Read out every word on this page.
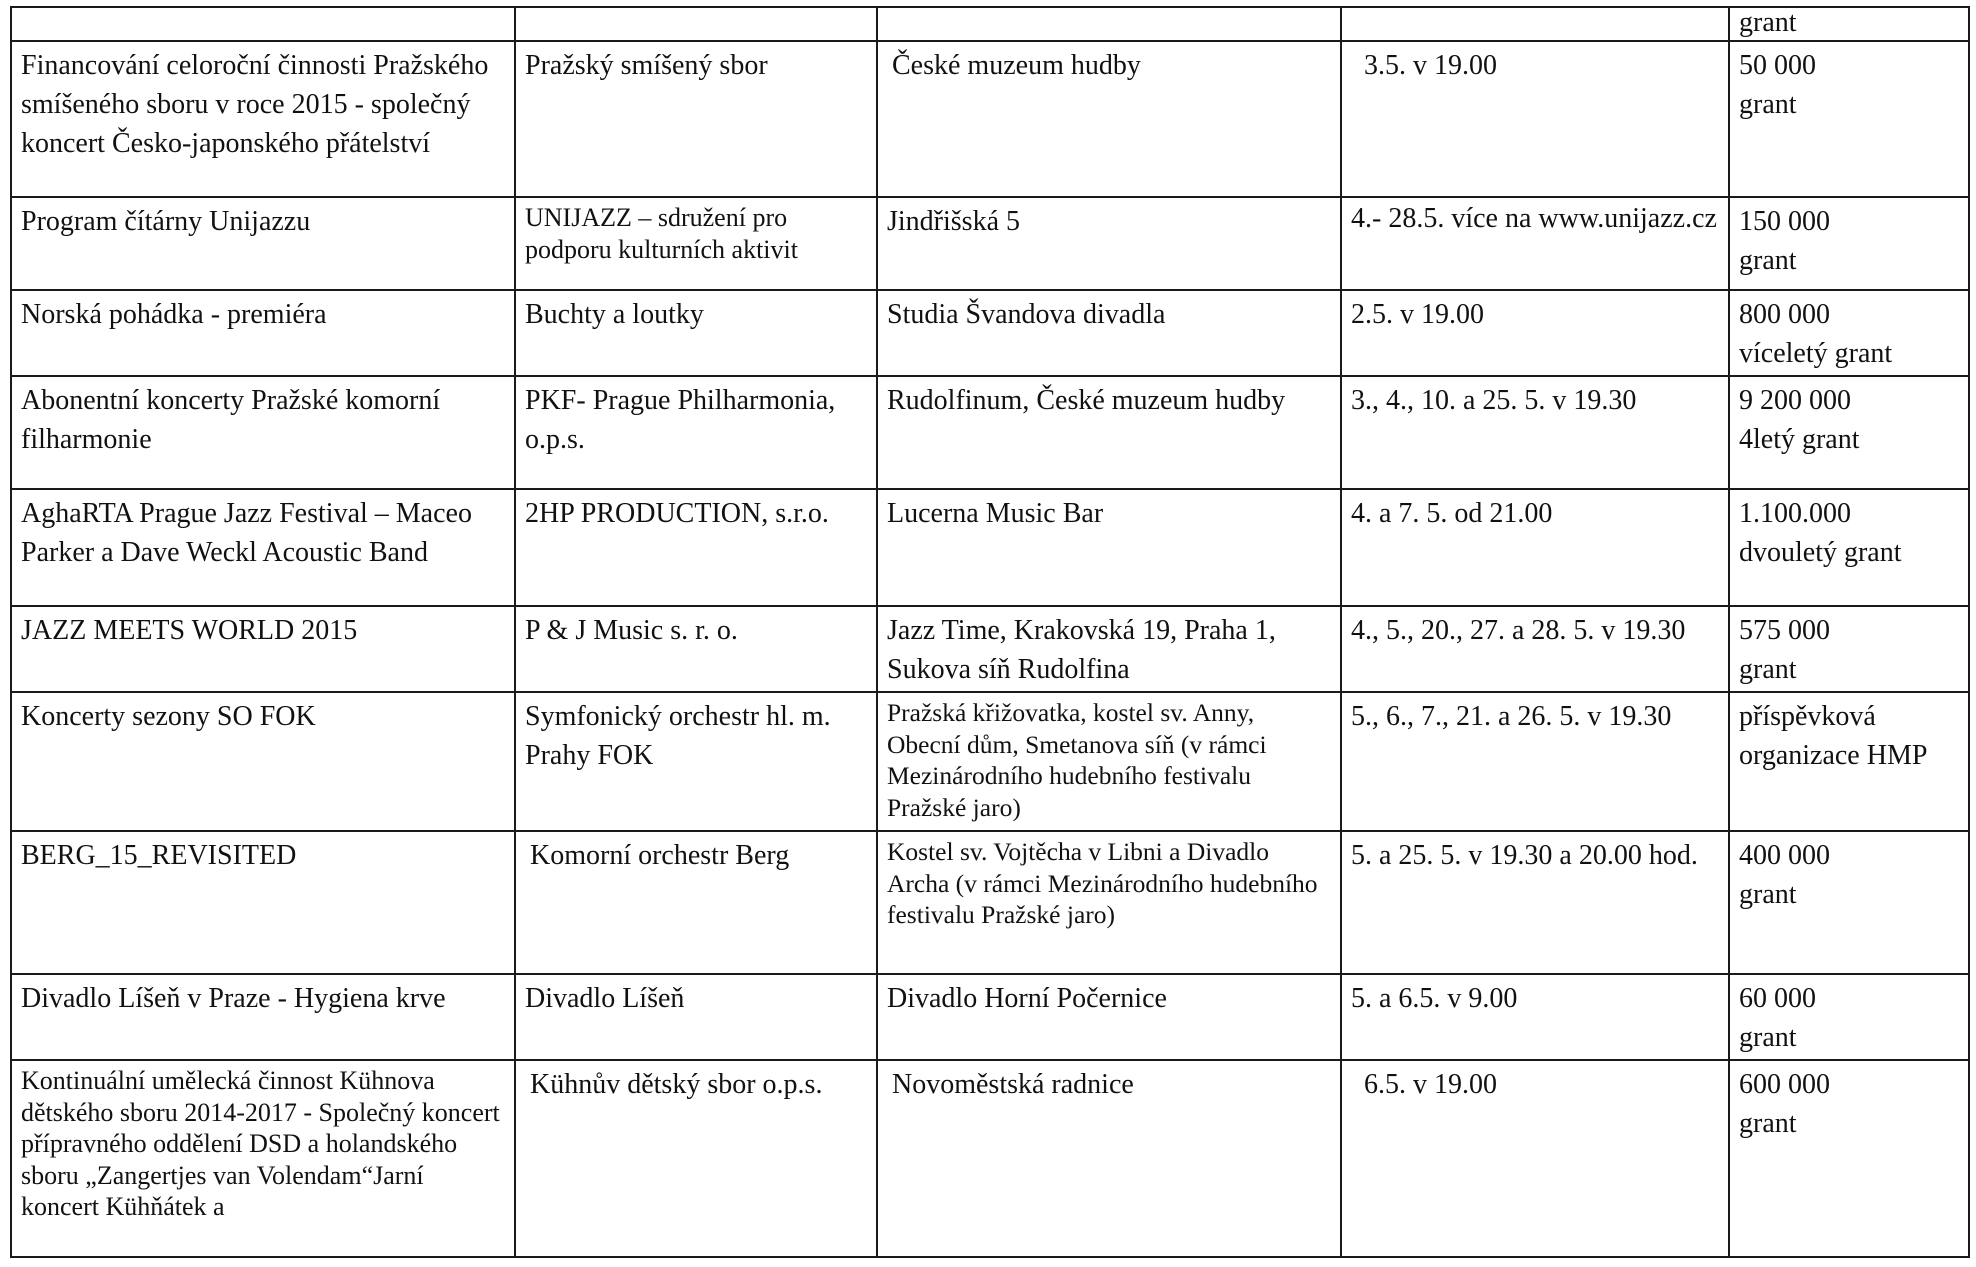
				grant
Financování celoroční činnosti Pražského smíšeného sboru v roce 2015 - společný koncert Česko-japonského přátelství	Pražský smíšený sbor	České muzeum hudby	3.5. v 19.00	50 000
grant

Program čítárny Unijazzu	UNIJAZZ – sdružení pro podporu kulturních aktivit	Jindřišská 5	4.- 28.5. více na www.unijazz.cz	150 000
grant

Norská pohádka - premiéra	Buchty a loutky	Studia Švandova divadla	2.5. v 19.00	800 000
víceletý grant

Abonentní koncerty Pražské komorní filharmonie	PKF- Prague Philharmonia, o.p.s.	Rudolfinum, České muzeum hudby	3., 4., 10. a 25. 5. v 19.30	9 200 000
4letý grant

AghaRTA Prague Jazz Festival – Maceo Parker a Dave Weckl Acoustic Band	2HP PRODUCTION, s.r.o.	Lucerna Music Bar	4. a 7. 5. od 21.00	1.100.000
dvouletý grant

JAZZ MEETS WORLD 2015	P & J Music s. r. o.	Jazz Time, Krakovská 19, Praha 1, Sukova síň Rudolfina	4., 5., 20., 27. a 28. 5. v 19.30	575 000
grant

Koncerty sezony SO FOK	Symfonický orchestr hl. m. Prahy FOK	Pražská křižovatka, kostel sv. Anny, Obecní dům, Smetanova síň (v rámci Mezinárodního hudebního festivalu Pražské jaro)	5., 6., 7., 21. a 26. 5. v 19.30	příspěvková organizace HMP
BERG_15_REVISITED	Komorní orchestr Berg	Kostel sv. Vojtěcha v Libni a Divadlo Archa (v rámci Mezinárodního hudebního festivalu Pražské jaro)	5. a 25. 5. v 19.30 a 20.00 hod.	400 000
grant

Divadlo Líšeň v Praze - Hygiena krve	Divadlo Líšeň	Divadlo Horní Počernice	5. a 6.5. v 9.00	60 000
grant

Kontinuální umělecká činnost Kühnova dětského sboru 2014-2017 - Společný koncert přípravného oddělení DSD a holandského sboru „Zangertjes van Volendam“Jarní koncert Kühňátek a	Kühnův dětský sbor o.p.s.	Novoměstská radnice	6.5. v 19.00	600 000
grant
